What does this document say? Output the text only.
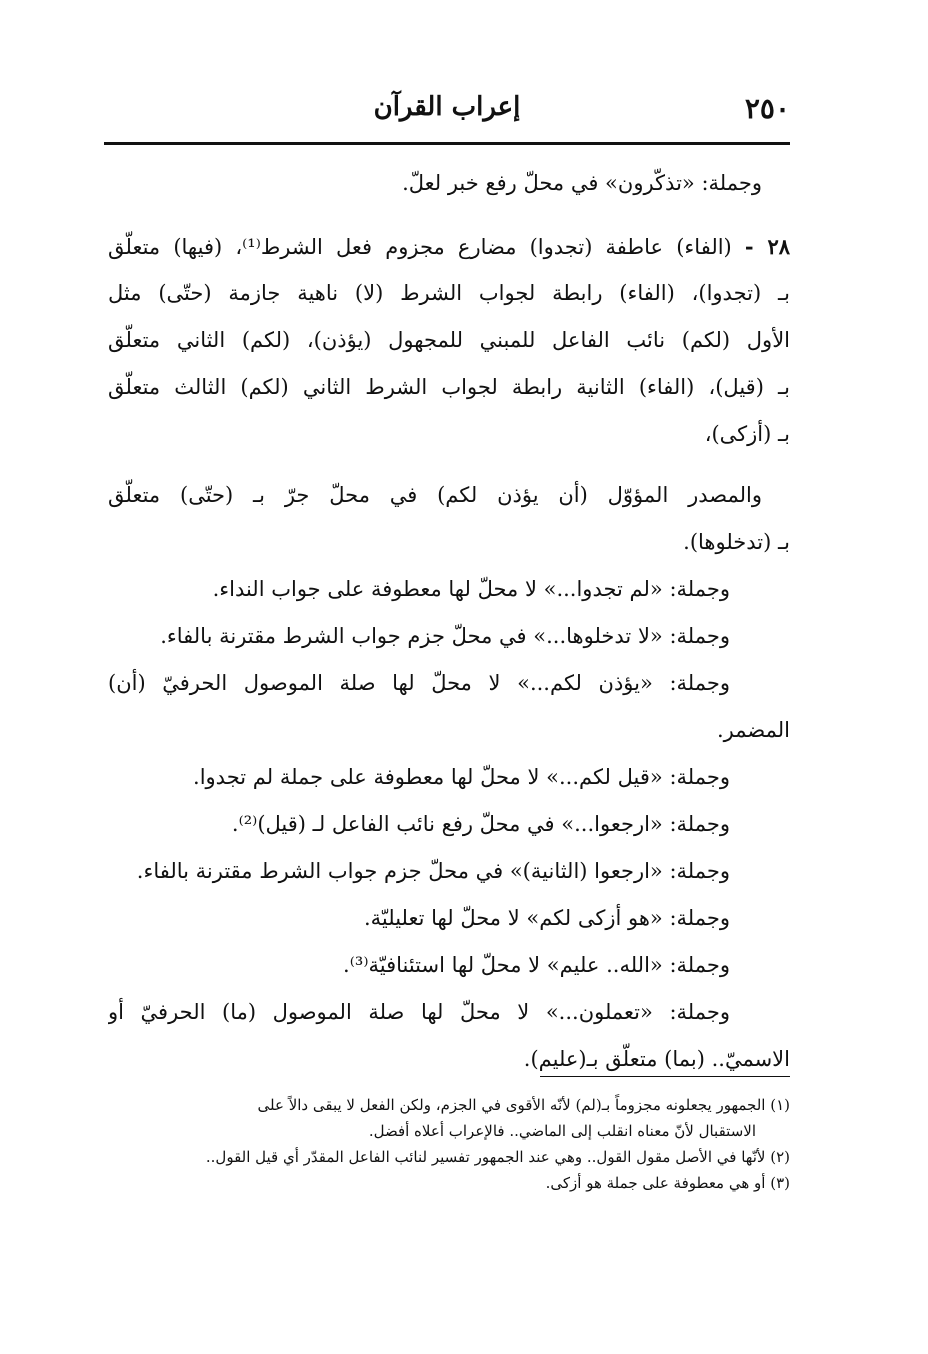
٢٥٠
إعراب القرآن
وجملة: «تذكّرون» في محلّ رفع خبر لعلّ.
٢٨ - (الفاء) عاطفة (تجدوا) مضارع مجزوم فعل الشرط⁽¹⁾، (فيها) متعلّق
بـ (تجدوا)، (الفاء) رابطة لجواب الشرط (لا) ناهية جازمة (حتّى) مثل
الأول (لكم) نائب الفاعل للمبني للمجهول (يؤذن)، (لكم) الثاني متعلّق
بـ (قيل)، (الفاء) الثانية رابطة لجواب الشرط الثاني (لكم) الثالث متعلّق
بـ (أزكى)،
والمصدر المؤوّل (أن يؤذن لكم) في محلّ جرّ بـ (حتّى) متعلّق
بـ (تدخلوها).
وجملة: «لم تجدوا...» لا محلّ لها معطوفة على جواب النداء.
وجملة: «لا تدخلوها...» في محلّ جزم جواب الشرط مقترنة بالفاء.
وجملة: «يؤذن لكم...» لا محلّ لها صلة الموصول الحرفيّ (أن)
المضمر.
وجملة: «قيل لكم...» لا محلّ لها معطوفة على جملة لم تجدوا.
وجملة: «ارجعوا...» في محلّ رفع نائب الفاعل لـ (قيل)⁽²⁾.
وجملة: «ارجعوا (الثانية)» في محلّ جزم جواب الشرط مقترنة بالفاء.
وجملة: «هو أزكى لكم» لا محلّ لها تعليليّة.
وجملة: «الله.. عليم» لا محلّ لها استئنافيّة⁽³⁾.
وجملة: «تعملون...» لا محلّ لها صلة الموصول (ما) الحرفيّ أو
الاسميّ.. (بما) متعلّق بـ(عليم).
(١) الجمهور يجعلونه مجزوماً بـ(لم) لأنّه الأقوى في الجزم، ولكن الفعل لا يبقى دالاً على
الاستقبال لأنّ معناه انقلب إلى الماضي.. فالإعراب أعلاه أفضل.
(٢) لأنّها في الأصل مقول القول.. وهي عند الجمهور تفسير لنائب الفاعل المقدّر أي قيل القول..
(٣) أو هي معطوفة على جملة هو أزكى.
